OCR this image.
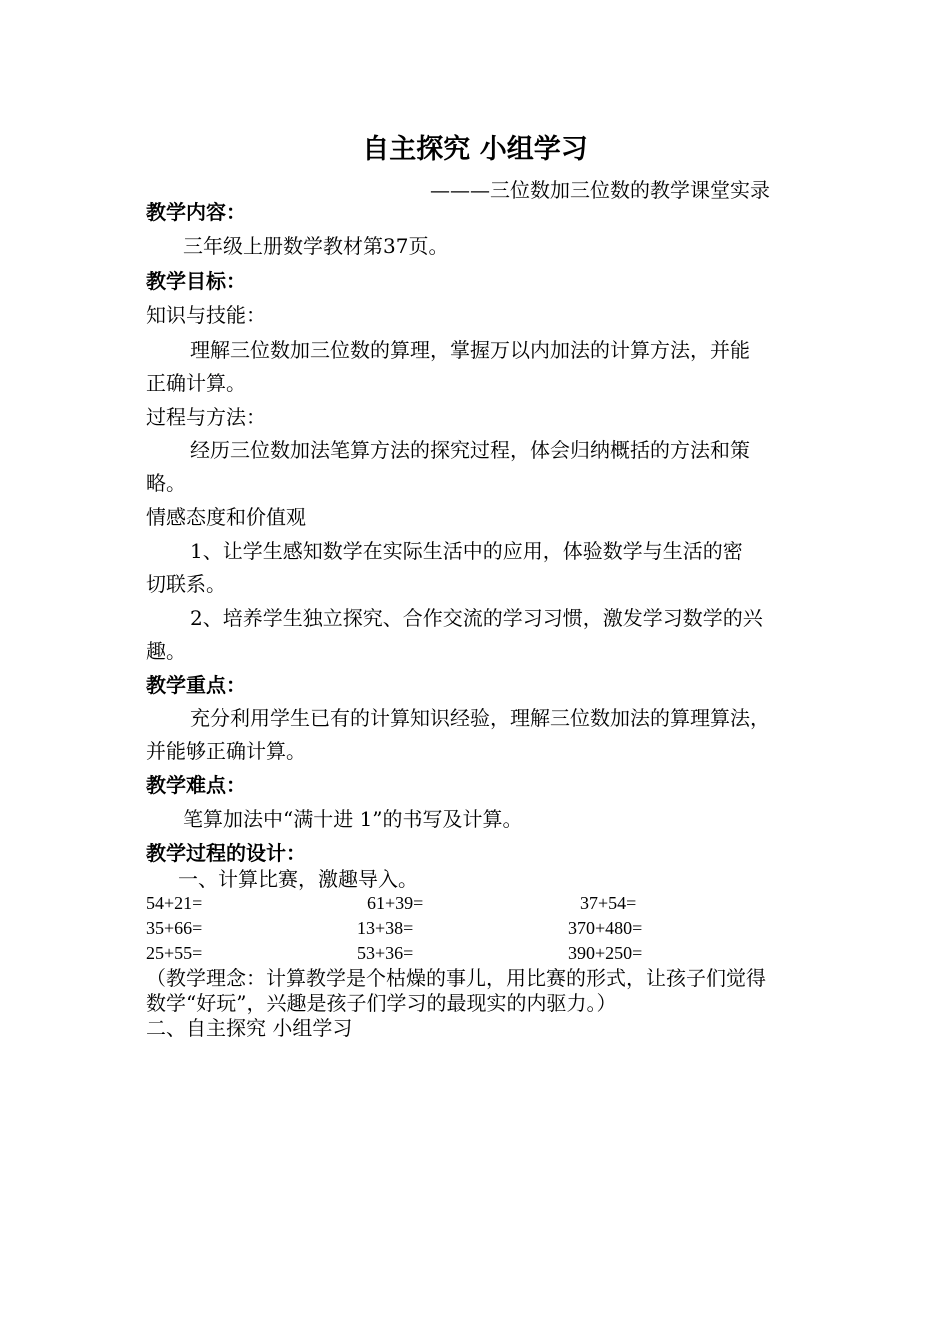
自主探究 小组学习
———三位数加三位数的教学课堂实录
教学内容：
三年级上册数学教材第37页。
教学目标：
知识与技能：
理解三位数加三位数的算理，掌握万以内加法的计算方法，并能
正确计算。
过程与方法：
经历三位数加法笔算方法的探究过程，体会归纳概括的方法和策
略。
情感态度和价值观
1、让学生感知数学在实际生活中的应用，体验数学与生活的密
切联系。
2、培养学生独立探究、合作交流的学习习惯，激发学习数学的兴
趣。
教学重点：
充分利用学生已有的计算知识经验，理解三位数加法的算理算法，
并能够正确计算。
教学难点：
笔算加法中“满十进 1”的书写及计算。
教学过程的设计：
一、计算比赛，激趣导入。
54+21=	61+39=	37+54=
35+66=	13+38=	370+480=
25+55=	53+36=	390+250=
（教学理念：计算教学是个枯燥的事儿，用比赛的形式，让孩子们觉得
数学“好玩”，兴趣是孩子们学习的最现实的内驱力。）
二、自主探究 小组学习
